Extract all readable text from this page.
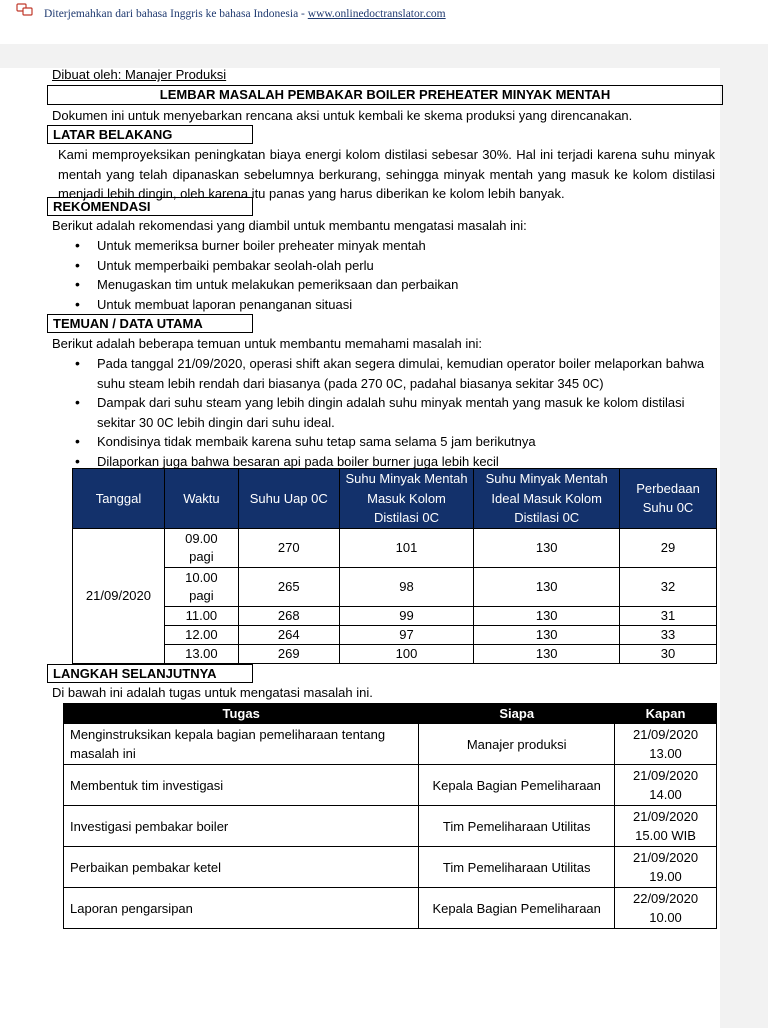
Diterjemahkan dari bahasa Inggris ke bahasa Indonesia - www.onlinedoctranslator.com
Dibuat oleh: Manajer Produksi
LEMBAR MASALAH PEMBAKAR BOILER PREHEATER MINYAK MENTAH
Dokumen ini untuk menyebarkan rencana aksi untuk kembali ke skema produksi yang direncanakan.
LATAR BELAKANG
Kami memproyeksikan peningkatan biaya energi kolom distilasi sebesar 30%. Hal ini terjadi karena suhu minyak mentah yang telah dipanaskan sebelumnya berkurang, sehingga minyak mentah yang masuk ke kolom distilasi menjadi lebih dingin, oleh karena itu panas yang harus diberikan ke kolom lebih banyak.
REKOMENDASI
Berikut adalah rekomendasi yang diambil untuk membantu mengatasi masalah ini:
• Untuk memeriksa burner boiler preheater minyak mentah
• Untuk memperbaiki pembakar seolah-olah perlu
• Menugaskan tim untuk melakukan pemeriksaan dan perbaikan
• Untuk membuat laporan penanganan situasi
TEMUAN / DATA UTAMA
Berikut adalah beberapa temuan untuk membantu memahami masalah ini:
• Pada tanggal 21/09/2020, operasi shift akan segera dimulai, kemudian operator boiler melaporkan bahwa suhu steam lebih rendah dari biasanya (pada 270 0C, padahal biasanya sekitar 345 0C)
• Dampak dari suhu steam yang lebih dingin adalah suhu minyak mentah yang masuk ke kolom distilasi sekitar 30 0C lebih dingin dari suhu ideal.
• Kondisinya tidak membaik karena suhu tetap sama selama 5 jam berikutnya
• Dilaporkan juga bahwa besaran api pada boiler burner juga lebih kecil
Tanggal	Waktu	Suhu Uap 0C	Suhu Minyak Mentah Masuk Kolom Distilasi 0C	Suhu Minyak Mentah Ideal Masuk Kolom Distilasi 0C	Perbedaan Suhu 0C
21/09/2020	09.00 pagi	270	101	130	29
	10.00 pagi	265	98	130	32
	11.00	268	99	130	31
	12.00	264	97	130	33
	13.00	269	100	130	30
LANGKAH SELANJUTNYA
Di bawah ini adalah tugas untuk mengatasi masalah ini.
Tugas	Siapa	Kapan
Menginstruksikan kepala bagian pemeliharaan tentang masalah ini	Manajer produksi	21/09/2020
13.00
Membentuk tim investigasi	Kepala Bagian Pemeliharaan	21/09/2020
14.00
Investigasi pembakar boiler	Tim Pemeliharaan Utilitas	21/09/2020
15.00 WIB
Perbaikan pembakar ketel	Tim Pemeliharaan Utilitas	21/09/2020
19.00
Laporan pengarsipan	Kepala Bagian Pemeliharaan	22/09/2020
10.00
